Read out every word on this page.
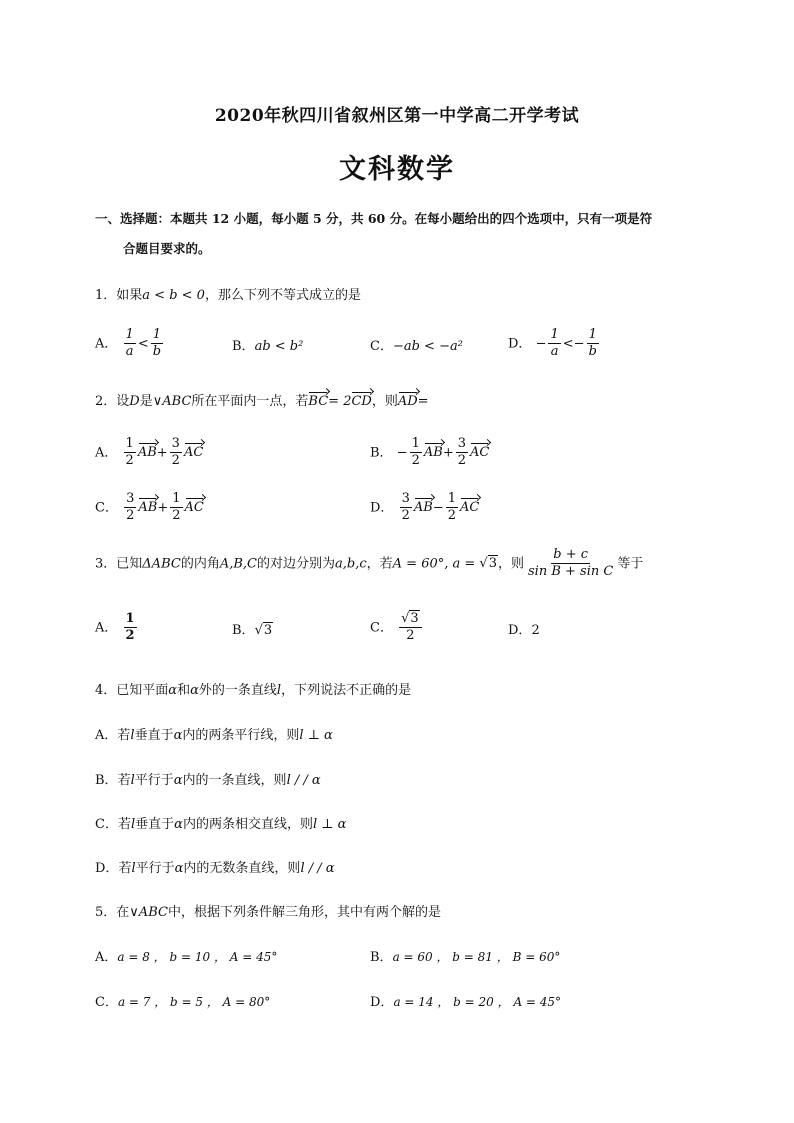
2020年秋四川省叙州区第一中学高二开学考试
文科数学
一、选择题：本题共 12 小题，每小题 5 分，共 60 分。在每小题给出的四个选项中，只有一项是符
合题目要求的。
1．如果a < b < 0，那么下列不等式成立的是
A． $\frac{1}{a} < \frac{1}{b}$	B．ab < b²	C．−ab < −a²	D． − $\frac{1}{a} <- \frac{1}{b}$
2．设D是∨ABC所在平面内一点，若BC= 2CD，则AD=
A． $\frac{1}{2} AB+ \frac{3}{2}$ AC	B． − $\frac{1}{2} AB+ \frac{3}{2}$ AC
C． $\frac{3}{2} AB+ \frac{1}{2}$ AC	D． $\frac{3}{2} AB- \frac{1}{2}$ AC
3．已知ΔABC的内角A,B,C的对边分别为a,b,c，若A = 60°, a = √3，则 $\frac{b + c}{\text{sin B + sin C}}$ 等于
A． $\frac{1}{2}$	B．√3	C． $\frac{√3}{2}$	D．2
4．已知平面α和α外的一条直线l，下列说法不正确的是
A．若l垂直于α内的两条平行线，则l ⊥ α
B．若l平行于α内的一条直线，则l / / α
C．若l垂直于α内的两条相交直线，则l ⊥ α
D．若l平行于α内的无数条直线，则l / / α
5．在∨ABC中，根据下列条件解三角形，其中有两个解的是
A．a = 8 ， b = 10 ， A = 45°	B．a = 60 ， b = 81 ， B = 60°
C．a = 7 ， b = 5 ， A = 80°	D．a = 14 ， b = 20 ， A = 45°
